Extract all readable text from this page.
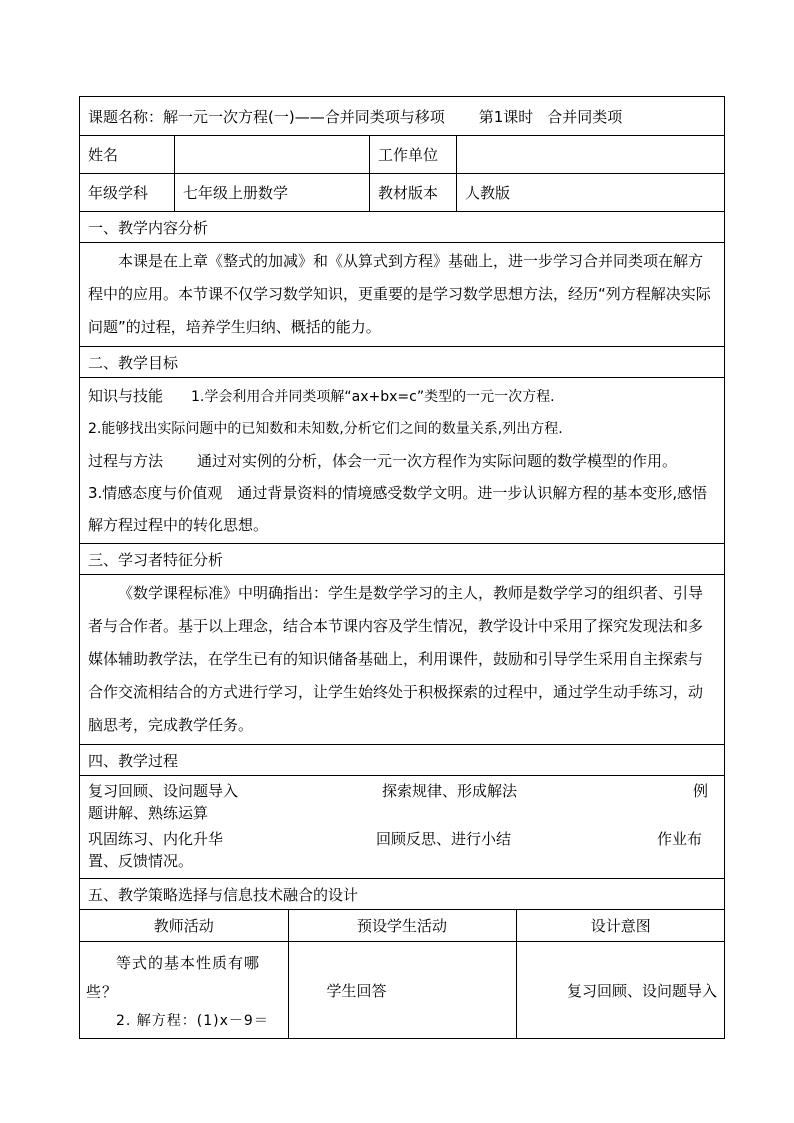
课题名称：解一元一次方程(一)——合并同类项与移项 第1课时 合并同类项
姓名		工作单位	
年级学科	七年级上册数学	教材版本	人教版
一、教学内容分析
本课是在上章《整式的加减》和《从算式到方程》基础上，进一步学习合并同类项在解方程中的应用。本节课不仅学习数学知识，更重要的是学习数学思想方法，经历“列方程解决实际问题”的过程，培养学生归纳、概括的能力。
二、教学目标

知识与技能 1.学会利用合并同类项解“ax+bx=c”类型的一元一次方程.
2.能够找出实际问题中的已知数和未知数,分析它们之间的数量关系,列出方程.
过程与方法 通过对实例的分析，体会一元一次方程作为实际问题的数学模型的作用。
3.情感态度与价值观　通过背景资料的情境感受数学文明。进一步认识解方程的基本变形,感悟解方程过程中的转化思想。

三、学习者特征分析
《数学课程标准》中明确指出：学生是数学学习的主人，教师是数学学习的组织者、引导者与合作者。基于以上理念，结合本节课内容及学生情况，教学设计中采用了探究发现法和多媒体辅助教学法，在学生已有的知识储备基础上，利用课件，鼓励和引导学生采用自主探索与合作交流相结合的方式进行学习，让学生始终处于积极探索的过程中，通过学生动手练习，动脑思考，完成教学任务。
四、教学过程

复习回顾、设问题导入	探索规律、形成解法	例
题讲解、熟练运算
巩固练习、内化升华	回顾反思、进行小结	作业布
置、反馈情况。

五、教学策略选择与信息技术融合的设计

教师活动	预设学生活动	设计意图

等式的基本性质有哪
些？
2. 解方程：(1)x－9＝
	学生回答	复习回顾、设问题导入
